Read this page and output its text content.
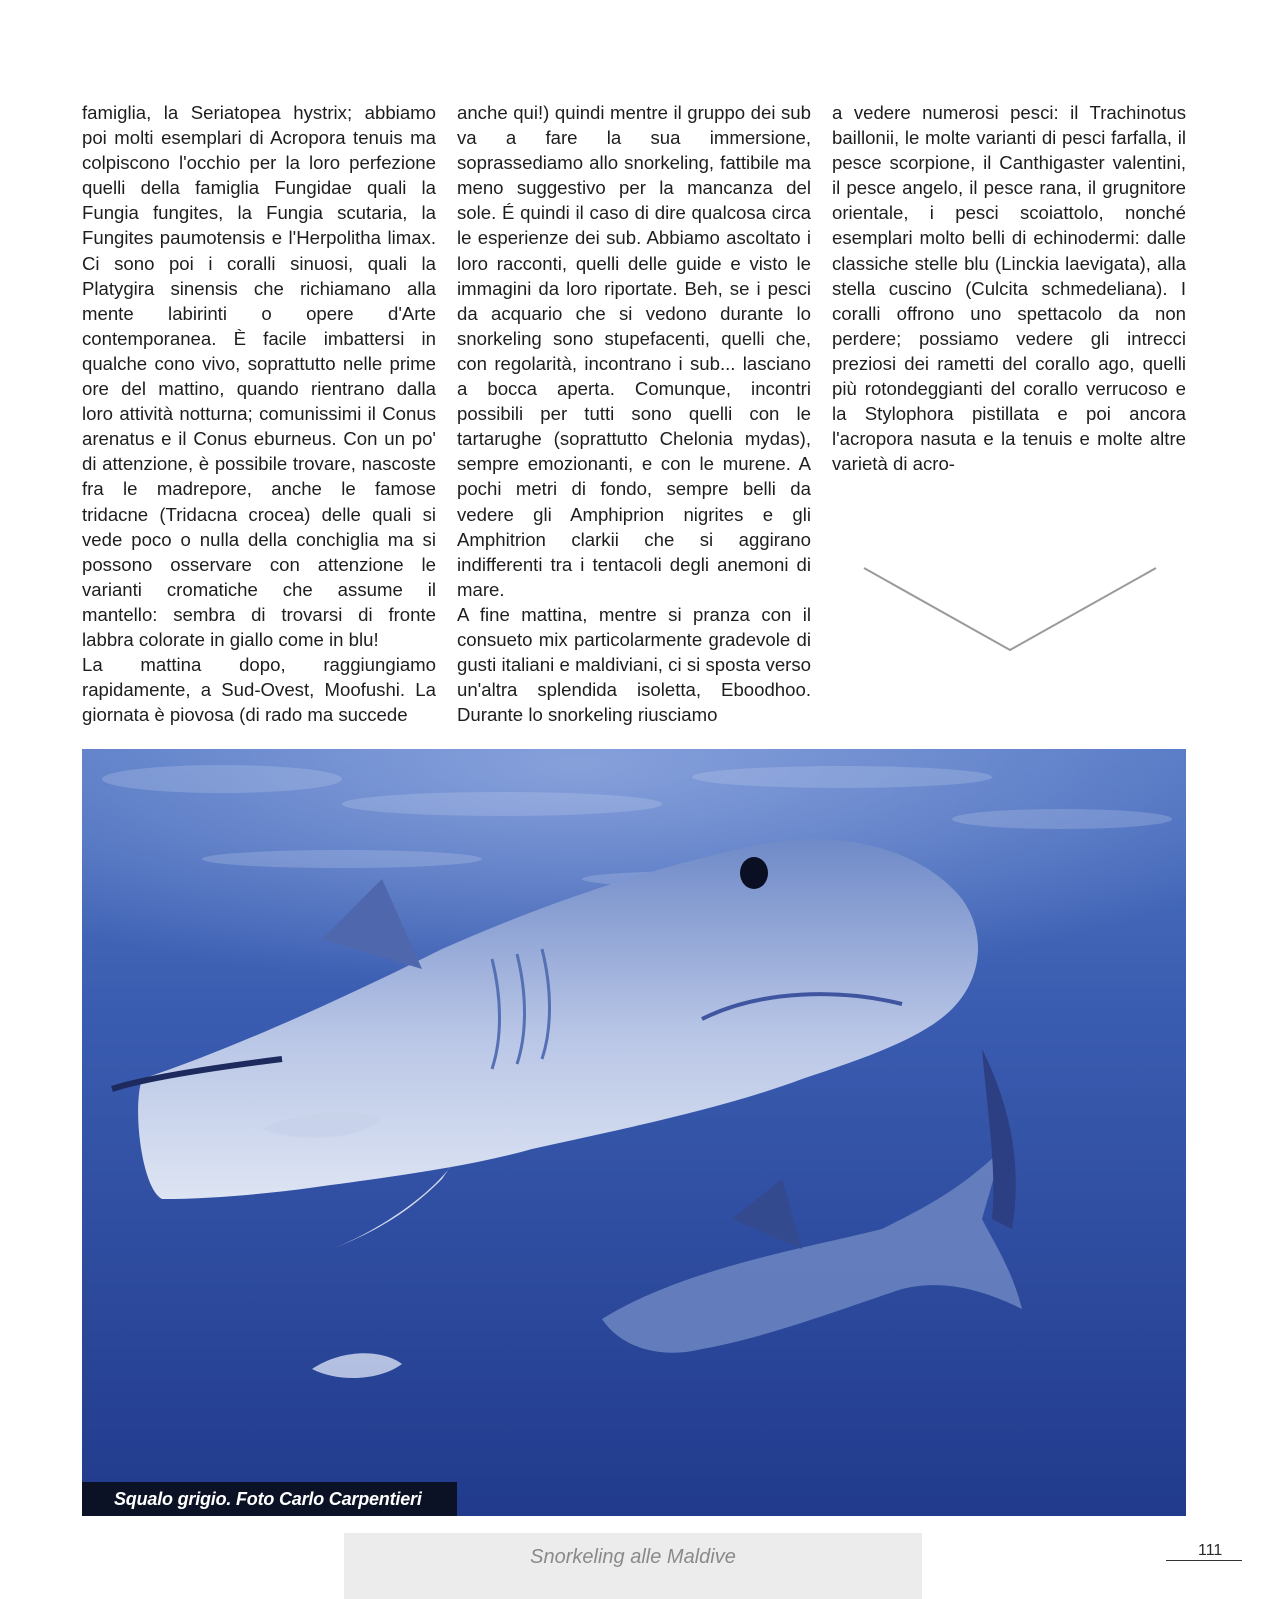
famiglia, la Seriatopea hystrix; abbiamo poi molti esemplari di Acropora tenuis ma colpiscono l'occhio per la loro perfezione quelli della famiglia Fungidae quali la Fungia fungites, la Fungia scutaria, la Fungites paumotensis e l'Herpolitha limax. Ci sono poi i coralli sinuosi, quali la Platygira sinensis che richiamano alla mente labirinti o opere d'Arte contemporanea. È facile imbattersi in qualche cono vivo, soprattutto nelle prime ore del mattino, quando rientrano dalla loro attività notturna; comunissimi il Conus arenatus e il Conus eburneus. Con un po' di attenzione, è possibile trovare, nascoste fra le madrepore, anche le famose tridacne (Tridacna crocea) delle quali si vede poco o nulla della conchiglia ma si possono osservare con attenzione le varianti cromatiche che assume il mantello: sembra di trovarsi di fronte labbra colorate in giallo come in blu!

La mattina dopo, raggiungiamo rapidamente, a Sud-Ovest, Moofushi. La giornata è piovosa (di rado ma succede

anche qui!) quindi mentre il gruppo dei sub va a fare la sua immersione, soprassediamo allo snorkeling, fattibile ma meno suggestivo per la mancanza del sole. É quindi il caso di dire qualcosa circa le esperienze dei sub. Abbiamo ascoltato i loro racconti, quelli delle guide e visto le immagini da loro riportate. Beh, se i pesci da acquario che si vedono durante lo snorkeling sono stupefacenti, quelli che, con regolarità, incontrano i sub... lasciano a bocca aperta. Comunque, incontri possibili per tutti sono quelli con le tartarughe (soprattutto Chelonia mydas), sempre emozionanti, e con le murene. A pochi metri di fondo, sempre belli da vedere gli Amphiprion nigrites e gli Amphitrion clarkii che si aggirano indifferenti tra i tentacoli degli anemoni di mare.

A fine mattina, mentre si pranza con il consueto mix particolarmente gradevole di gusti italiani e maldiviani, ci si sposta verso un'altra splendida isoletta, Eboodhoo. Durante lo snorkeling riusciamo

a vedere numerosi pesci: il Trachinotus baillonii, le molte varianti di pesci farfalla, il pesce scorpione, il Canthigaster valentini, il pesce angelo, il pesce rana, il grugnitore orientale, i pesci scoiattolo, nonché esemplari molto belli di echinodermi: dalle classiche stelle blu (Linckia laevigata), alla stella cuscino (Culcita schmedeliana). I coralli offrono uno spettacolo da non perdere; possiamo vedere gli intrecci preziosi dei rametti del corallo ago, quelli più rotondeggianti del corallo verrucoso e la Stylophora pistillata e poi ancora l'acropora nasuta e la tenuis e molte altre varietà di acro-

Squalo grigio. Foto Carlo Carpentieri
Snorkeling alle Maldive	111
